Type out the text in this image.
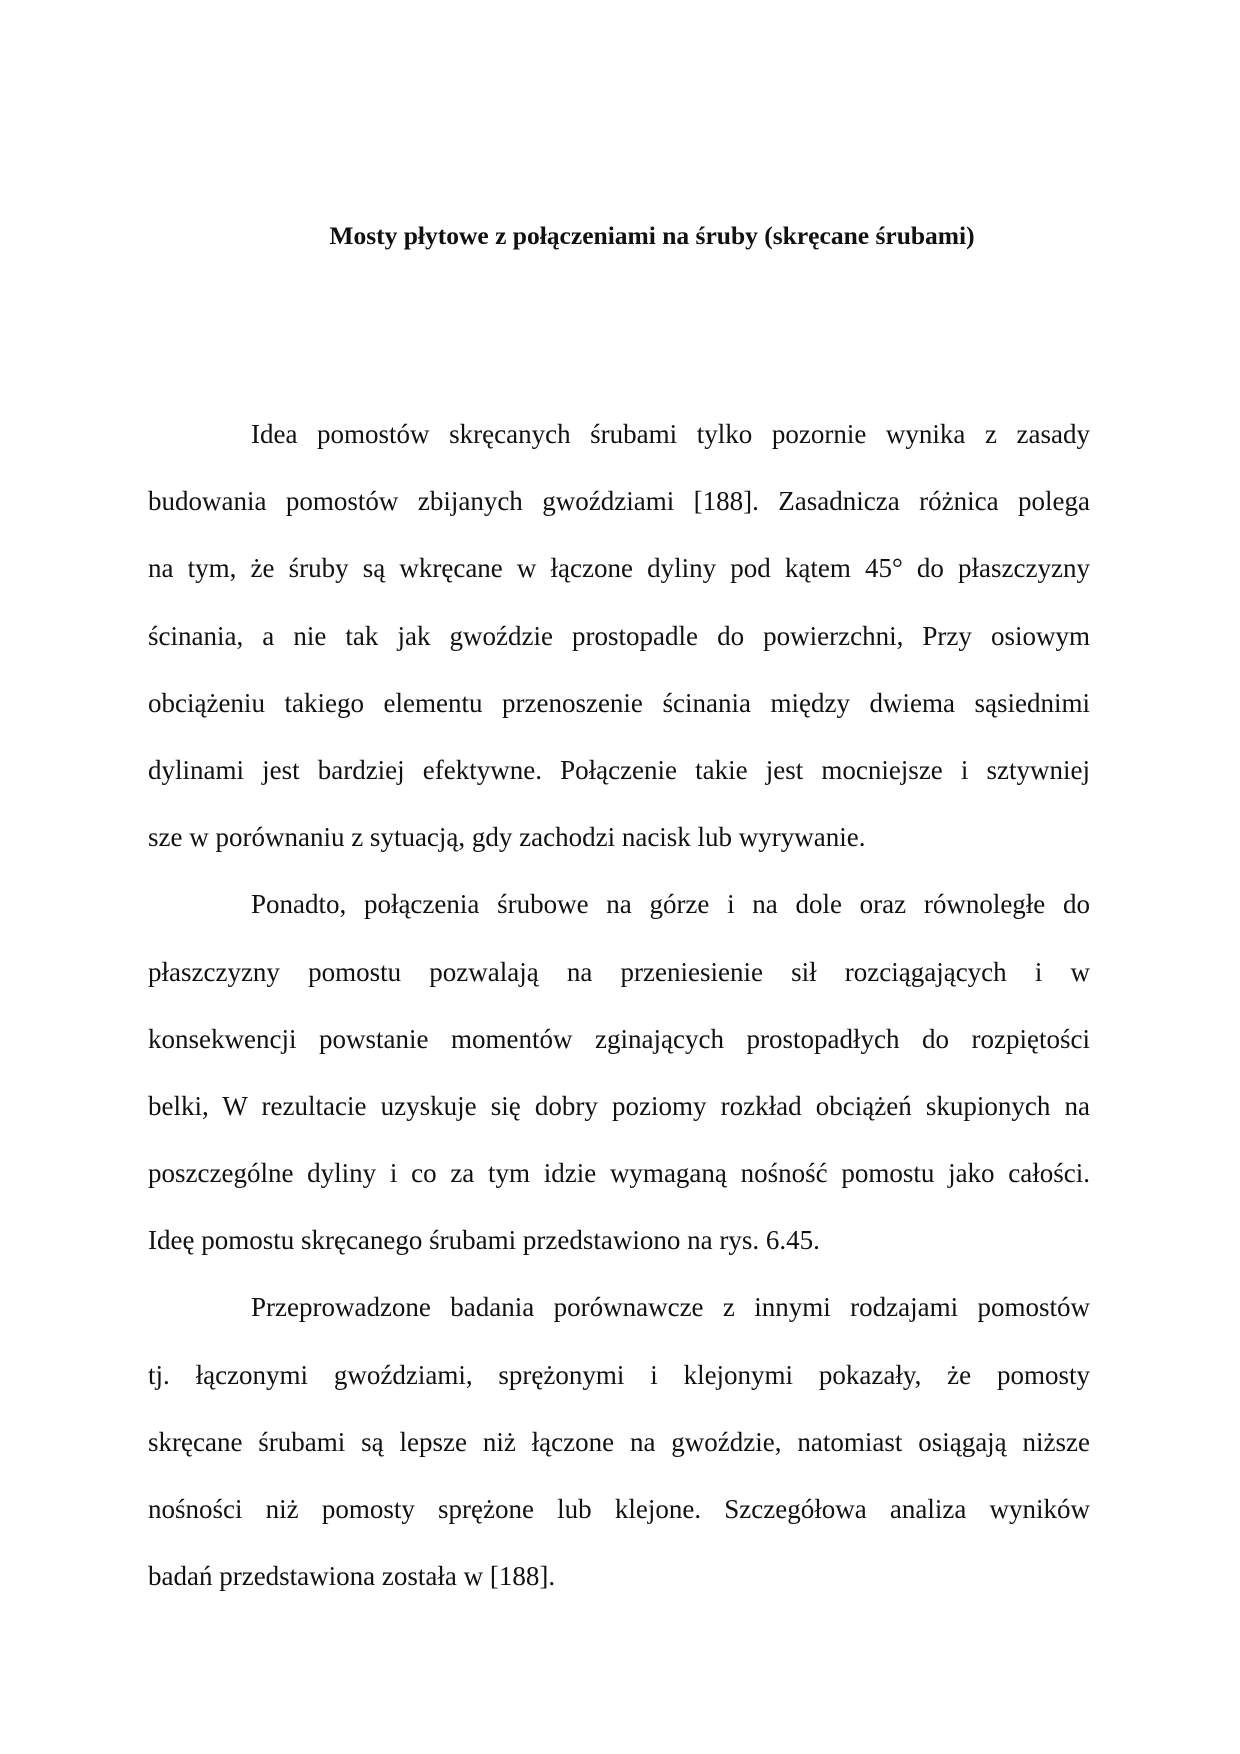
Mosty płytowe z połączeniami na śruby (skręcane śrubami)
Idea pomostów skręcanych śrubami tylko pozornie wynika z zasady
budowania pomostów zbijanych gwoździami [188]. Zasadnicza różnica polega
na tym, że śruby są wkręcane w łączone dyliny pod kątem 45° do płaszczyzny
ścinania, a nie tak jak gwoździe prostopadle do powierzchni, Przy osiowym
obciążeniu takiego elementu przenoszenie ścinania między dwiema sąsiednimi
dylinami jest bardziej efektywne. Połączenie takie jest mocniejsze i sztywniej
sze w porównaniu z sytuacją, gdy zachodzi nacisk lub wyrywanie.
Ponadto, połączenia śrubowe na górze i na dole oraz równoległe do
płaszczyzny pomostu pozwalają na przeniesienie sił rozciągających i w
konsekwencji powstanie momentów zginających prostopadłych do rozpiętości
belki, W rezultacie uzyskuje się dobry poziomy rozkład obciążeń skupionych na
poszczególne dyliny i co za tym idzie wymaganą nośność pomostu jako całości.
Ideę pomostu skręcanego śrubami przedstawiono na rys. 6.45.
Przeprowadzone badania porównawcze z innymi rodzajami pomostów
tj. łączonymi gwoździami, sprężonymi i klejonymi pokazały, że pomosty
skręcane śrubami są lepsze niż łączone na gwoździe, natomiast osiągają niższe
nośności niż pomosty sprężone lub klejone. Szczegółowa analiza wyników
badań przedstawiona została w [188].
